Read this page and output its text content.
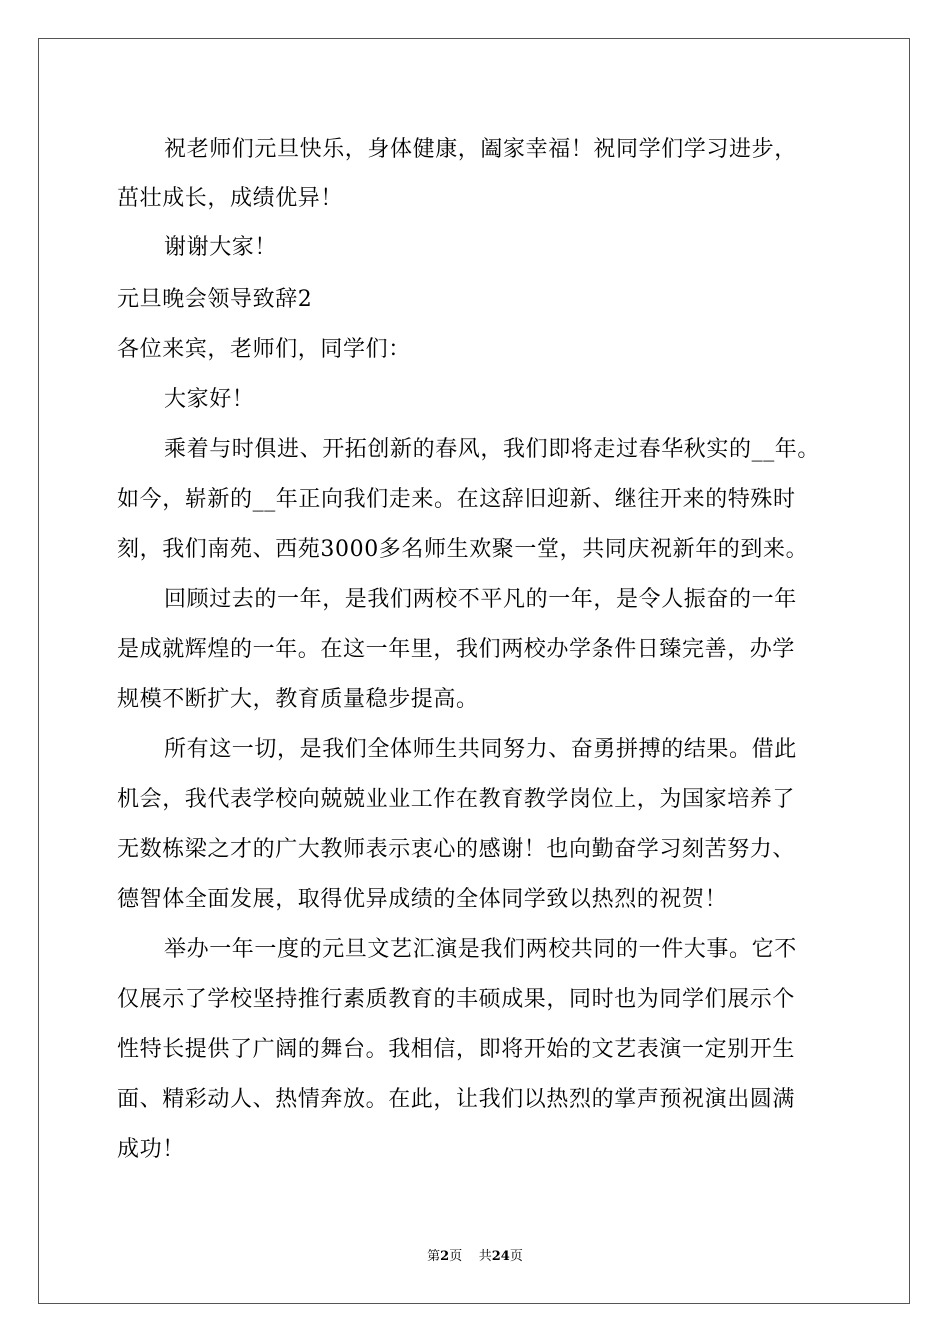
祝老师们元旦快乐，身体健康，阖家幸福！祝同学们学习进步，
茁壮成长，成绩优异！
谢谢大家！
元旦晚会领导致辞2
各位来宾，老师们，同学们：
大家好！
乘着与时俱进、开拓创新的春风，我们即将走过春华秋实的__年。
如今，崭新的__年正向我们走来。在这辞旧迎新、继往开来的特殊时
刻，我们南苑、西苑3000多名师生欢聚一堂，共同庆祝新年的到来。
回顾过去的一年，是我们两校不平凡的一年，是令人振奋的一年
是成就辉煌的一年。在这一年里，我们两校办学条件日臻完善，办学
规模不断扩大，教育质量稳步提高。
所有这一切，是我们全体师生共同努力、奋勇拼搏的结果。借此
机会，我代表学校向兢兢业业工作在教育教学岗位上，为国家培养了
无数栋梁之才的广大教师表示衷心的感谢！也向勤奋学习刻苦努力、
德智体全面发展，取得优异成绩的全体同学致以热烈的祝贺！
举办一年一度的元旦文艺汇演是我们两校共同的一件大事。它不
仅展示了学校坚持推行素质教育的丰硕成果，同时也为同学们展示个
性特长提供了广阔的舞台。我相信，即将开始的文艺表演一定别开生
面、精彩动人、热情奔放。在此，让我们以热烈的掌声预祝演出圆满
成功！
第2页 共24页
